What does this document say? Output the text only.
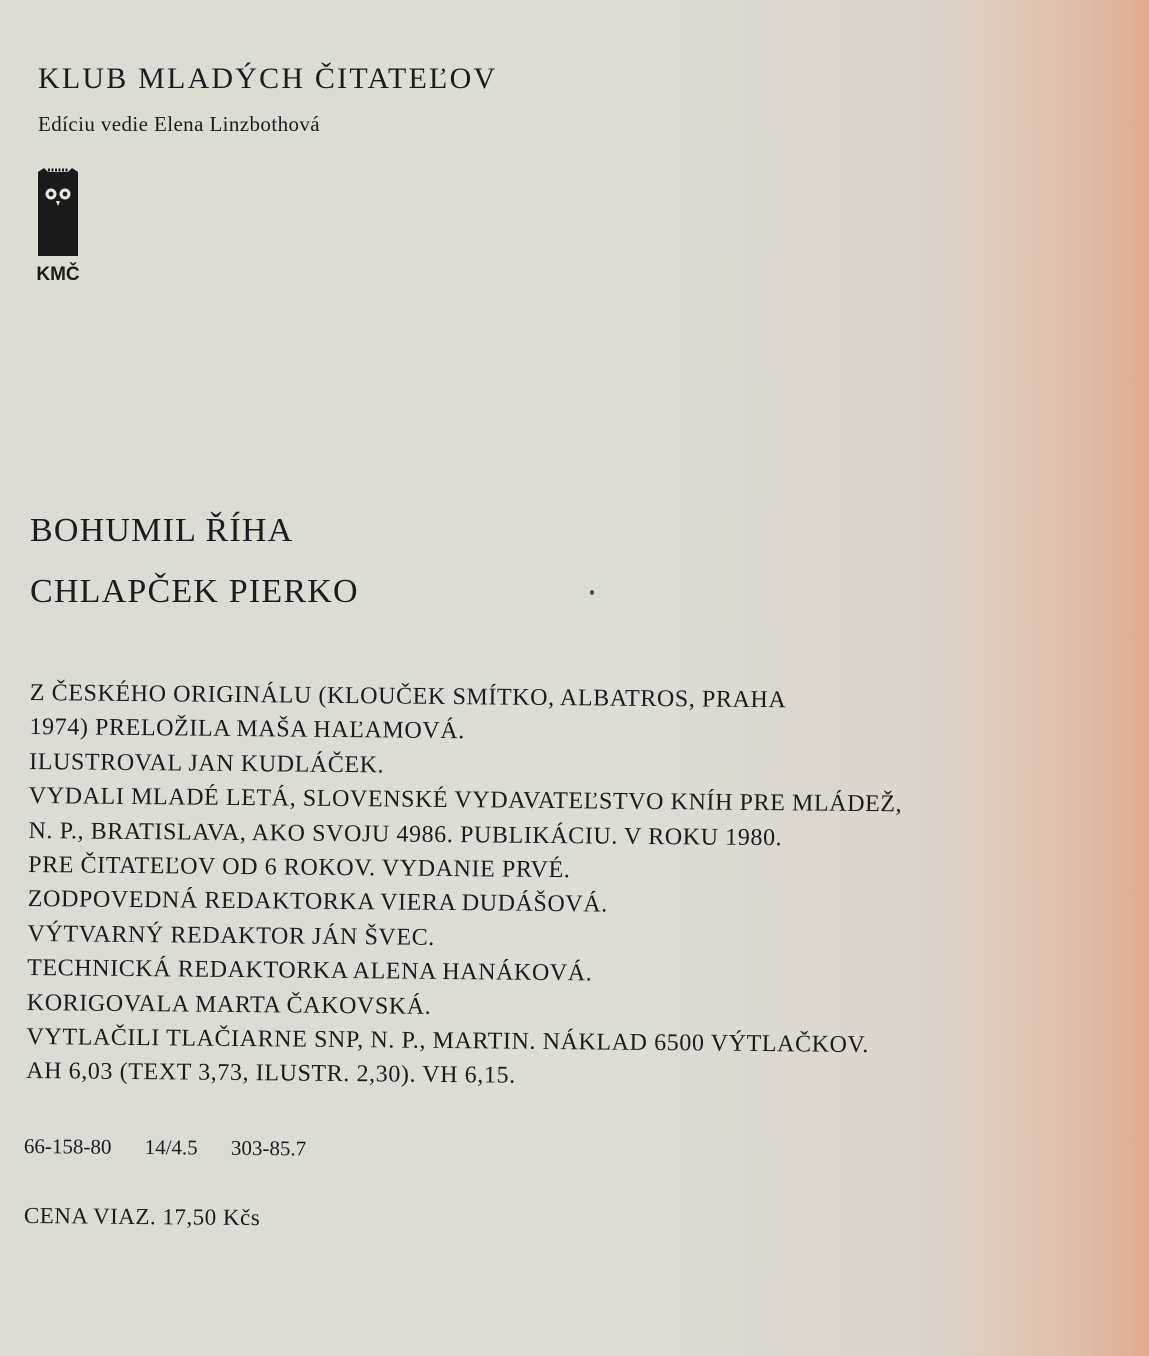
KLUB MLADÝCH ČITATEĽOV
Edíciu vedie Elena Linzbothová
KMČ
BOHUMIL ŘÍHA
CHLAPČEK PIERKO
Z ČESKÉHO ORIGINÁLU (KLOUČEK SMÍTKO, ALBATROS, PRAHA
1974) PRELOŽILA MAŠA HAĽAMOVÁ.
ILUSTROVAL JAN KUDLÁČEK.
VYDALI MLADÉ LETÁ, SLOVENSKÉ VYDAVATEĽSTVO KNÍH PRE MLÁDEŽ,
N. P., BRATISLAVA, AKO SVOJU 4986. PUBLIKÁCIU. V ROKU 1980.
PRE ČITATEĽOV OD 6 ROKOV. VYDANIE PRVÉ.
ZODPOVEDNÁ REDAKTORKA VIERA DUDÁŠOVÁ.
VÝTVARNÝ REDAKTOR JÁN ŠVEC.
TECHNICKÁ REDAKTORKA ALENA HANÁKOVÁ.
KORIGOVALA MARTA ČAKOVSKÁ.
VYTLAČILI TLAČIARNE SNP, N. P., MARTIN. NÁKLAD 6500 VÝTLAČKOV.
AH 6,03 (TEXT 3,73, ILUSTR. 2,30). VH 6,15.
66-158-80 14/4.5 303-85.7
CENA VIAZ. 17,50 Kčs
